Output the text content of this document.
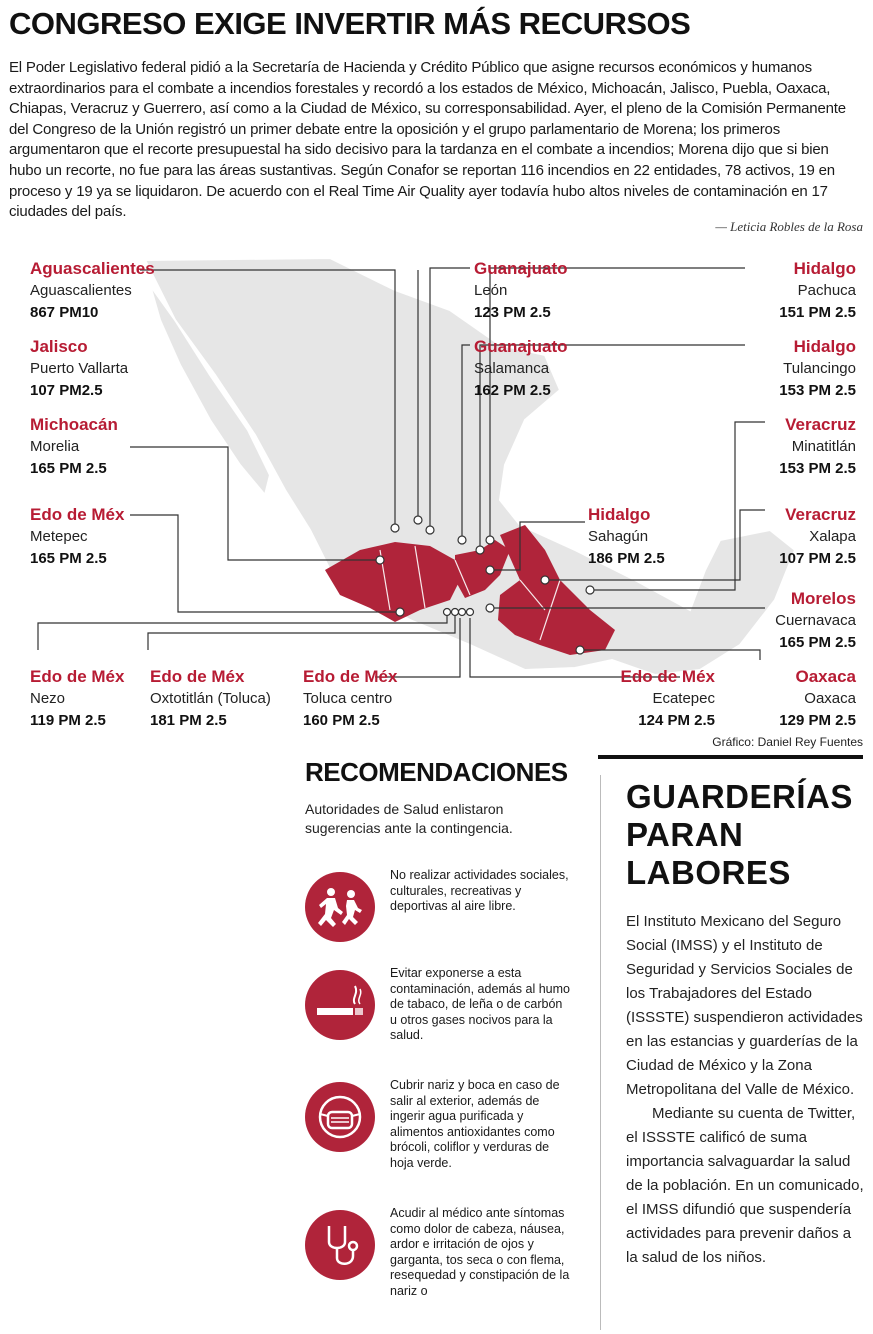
CONGRESO EXIGE INVERTIR MÁS RECURSOS
El Poder Legislativo federal pidió a la Secretaría de Hacienda y Crédito Público que asigne recursos económicos y humanos extraordinarios para el combate a incendios forestales y recordó a los estados de México, Michoacán, Jalisco, Puebla, Oaxaca, Chiapas, Veracruz y Guerrero, así como a la Ciudad de México, su corresponsabilidad. Ayer, el pleno de la Comisión Permanente del Congreso de la Unión registró un primer debate entre la oposición y el grupo parlamentario de Morena; los primeros argumentaron que el recorte presupuestal ha sido decisivo para la tardanza en el combate a incendios; Morena dijo que si bien hubo un recorte, no fue para las áreas sustantivas. Según Conafor se reportan 116 incendios en 22 entidades, 78 activos, 19 en proceso y 19 ya se liquidaron. De acuerdo con el Real Time Air Quality ayer todavía hubo altos niveles de contaminación en 17 ciudades del país.
— Leticia Robles de la Rosa
Aguascalientes
Aguascalientes
867 PM10
Jalisco
Puerto Vallarta
107 PM2.5
Michoacán
Morelia
165 PM 2.5
Edo de Méx
Metepec
165 PM 2.5
Guanajuato
León
123 PM 2.5
Guanajuato
Salamanca
162 PM 2.5
Hidalgo
Sahagún
186 PM 2.5
Hidalgo
Pachuca
151 PM 2.5
Hidalgo
Tulancingo
153 PM 2.5
Veracruz
Minatitlán
153 PM 2.5
Veracruz
Xalapa
107 PM 2.5
Morelos
Cuernavaca
165 PM 2.5
Edo de Méx
Nezo
119 PM 2.5
Edo de Méx
Oxtotitlán (Toluca)
181 PM 2.5
Edo de Méx
Toluca centro
160 PM 2.5
Edo de Méx
Ecatepec
124 PM 2.5
Oaxaca
Oaxaca
129 PM 2.5
Gráfico: Daniel Rey Fuentes
RECOMENDACIONES
Autoridades de Salud enlistaron sugerencias ante la contingencia.
No realizar actividades sociales, culturales, recreativas y deportivas al aire libre.
Evitar exponerse a esta contaminación, además al humo de tabaco, de leña o de carbón u otros gases nocivos para la salud.
Cubrir nariz y boca en caso de salir al exterior, además de ingerir agua purificada y alimentos antioxidantes como brócoli, coliflor y verduras de hoja verde.
Acudir al médico ante síntomas como dolor de cabeza, náusea, ardor e irritación de ojos y garganta, tos seca o con flema, resequedad y constipación de la nariz o
GUARDERÍAS PARAN LABORES

El Instituto Mexicano del Seguro Social (IMSS) y el Instituto de Seguridad y Servicios Sociales de los Trabajadores del Estado (ISSSTE) suspendieron actividades en las estancias y guarderías de la Ciudad de México y la Zona Metropolitana del Valle de México.

Mediante su cuenta de Twitter, el ISSSTE calificó de suma importancia salvaguardar la salud de la población. En un comunicado, el IMSS difundió que suspendería actividades para prevenir daños a la salud de los niños.
